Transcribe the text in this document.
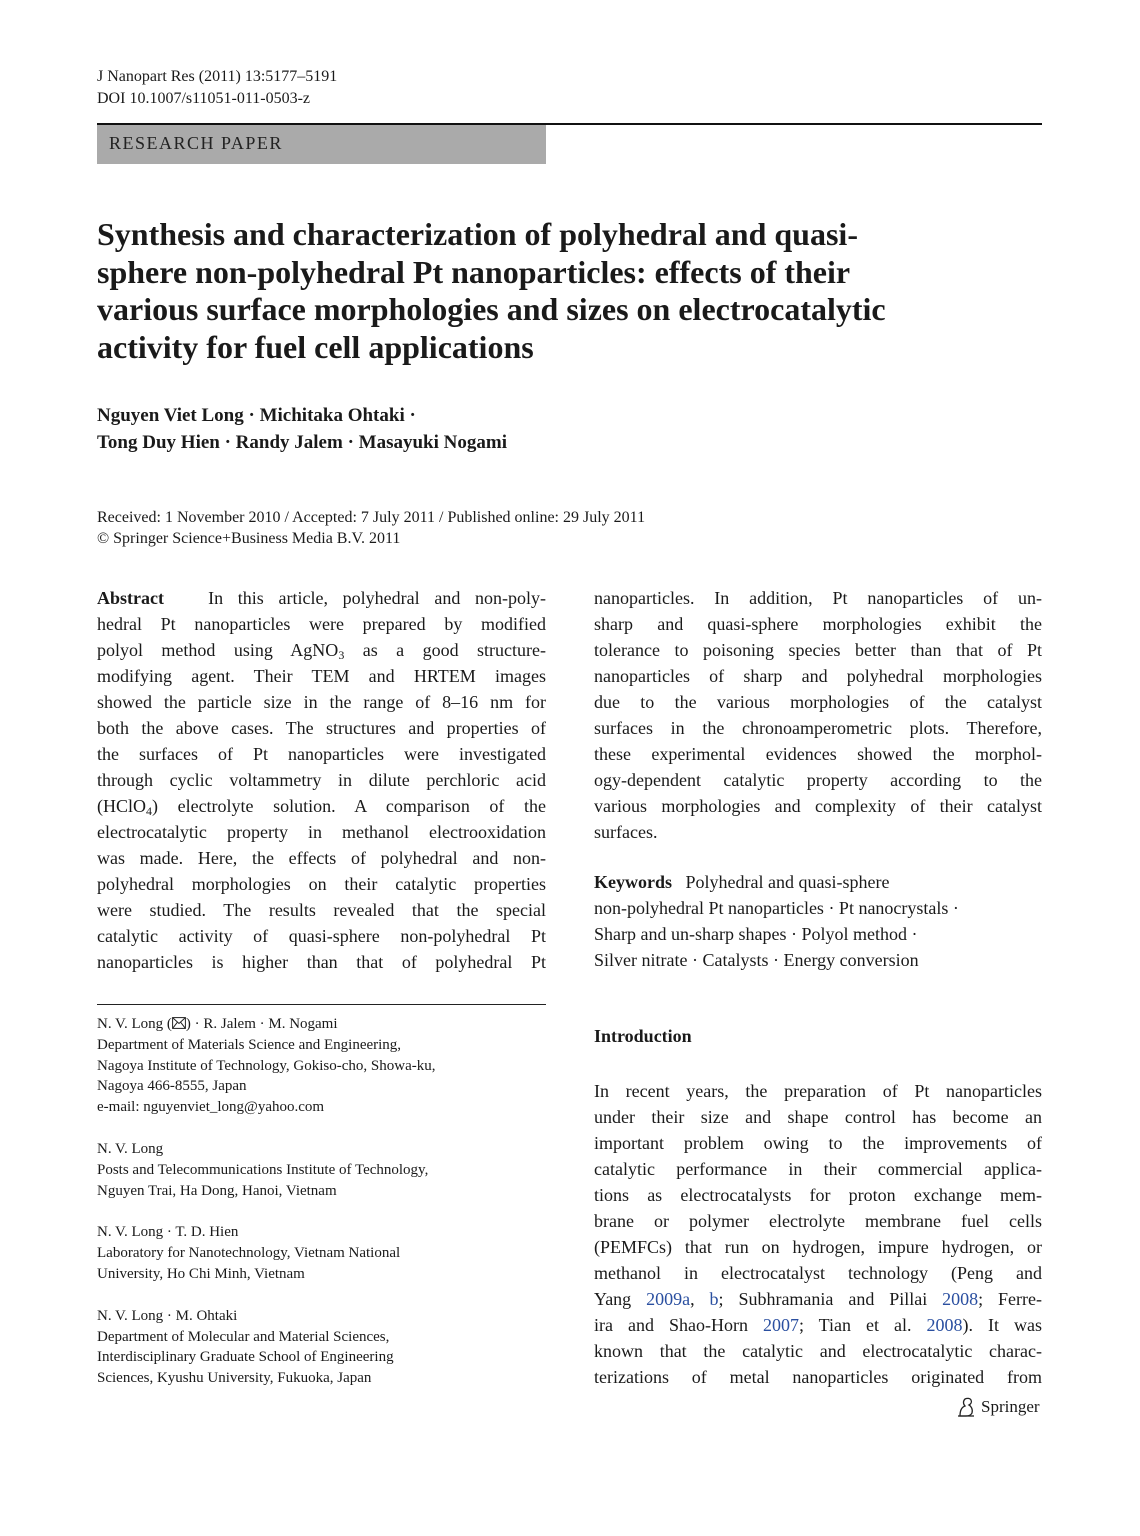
J Nanopart Res (2011) 13:5177–5191
DOI 10.1007/s11051-011-0503-z
RESEARCH PAPER
Synthesis and characterization of polyhedral and quasi-
sphere non-polyhedral Pt nanoparticles: effects of their
various surface morphologies and sizes on electrocatalytic
activity for fuel cell applications
Nguyen Viet Long · Michitaka Ohtaki ·
Tong Duy Hien · Randy Jalem · Masayuki Nogami
Received: 1 November 2010 / Accepted: 7 July 2011 / Published online: 29 July 2011
© Springer Science+Business Media B.V. 2011
Abstract In this article, polyhedral and non-poly-
hedral Pt nanoparticles were prepared by modified
polyol method using AgNO$_3$ as a good structure-
modifying agent. Their TEM and HRTEM images
showed the particle size in the range of 8–16 nm for
both the above cases. The structures and properties of
the surfaces of Pt nanoparticles were investigated
through cyclic voltammetry in dilute perchloric acid
(HClO$_4$) electrolyte solution. A comparison of the
electrocatalytic property in methanol electrooxidation
was made. Here, the effects of polyhedral and non-
polyhedral morphologies on their catalytic properties
were studied. The results revealed that the special
catalytic activity of quasi-sphere non-polyhedral Pt
nanoparticles is higher than that of polyhedral Pt
nanoparticles. In addition, Pt nanoparticles of un-
sharp and quasi-sphere morphologies exhibit the
tolerance to poisoning species better than that of Pt
nanoparticles of sharp and polyhedral morphologies
due to the various morphologies of the catalyst
surfaces in the chronoamperometric plots. Therefore,
these experimental evidences showed the morphol-
ogy-dependent catalytic property according to the
various morphologies and complexity of their catalyst
surfaces.
Keywords Polyhedral and quasi-sphere
non-polyhedral Pt nanoparticles · Pt nanocrystals ·
Sharp and un-sharp shapes · Polyol method ·
Silver nitrate · Catalysts · Energy conversion
N. V. Long ( ) · R. Jalem · M. Nogami
Department of Materials Science and Engineering,
Nagoya Institute of Technology, Gokiso-cho, Showa-ku,
Nagoya 466-8555, Japan
e-mail: nguyenviet_long@yahoo.com
N. V. Long
Posts and Telecommunications Institute of Technology,
Nguyen Trai, Ha Dong, Hanoi, Vietnam
N. V. Long · T. D. Hien
Laboratory for Nanotechnology, Vietnam National
University, Ho Chi Minh, Vietnam
N. V. Long · M. Ohtaki
Department of Molecular and Material Sciences,
Interdisciplinary Graduate School of Engineering
Sciences, Kyushu University, Fukuoka, Japan
Introduction
In recent years, the preparation of Pt nanoparticles
under their size and shape control has become an
important problem owing to the improvements of
catalytic performance in their commercial applica-
tions as electrocatalysts for proton exchange mem-
brane or polymer electrolyte membrane fuel cells
(PEMFCs) that run on hydrogen, impure hydrogen, or
methanol in electrocatalyst technology (Peng and
Yang 2009a, b; Subhramania and Pillai 2008; Ferre-
ira and Shao-Horn 2007; Tian et al. 2008). It was
known that the catalytic and electrocatalytic charac-
terizations of metal nanoparticles originated from
Springer
